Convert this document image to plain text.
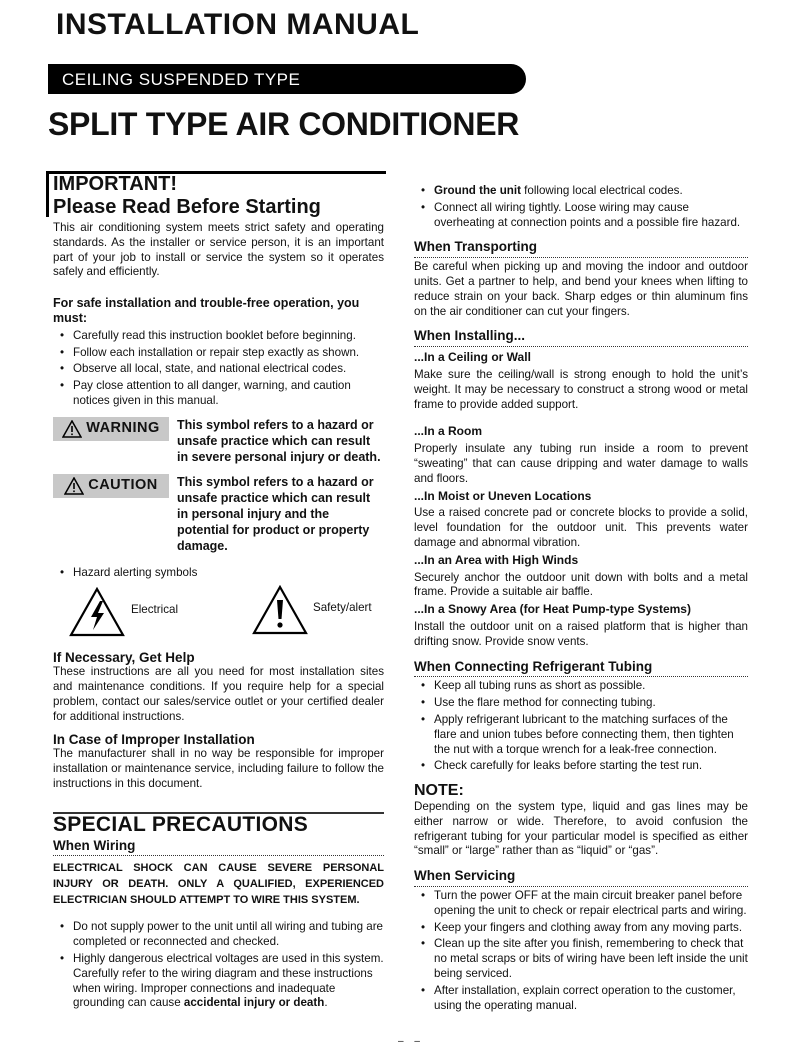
INSTALLATION MANUAL
CEILING SUSPENDED TYPE
SPLIT TYPE AIR CONDITIONER

IMPORTANT!

Please Read Before Starting

This air conditioning system meets strict safety and operating standards. As the installer or service person, it is an important part of your job to install or service the system so it operates safely and efficiently.

For safe installation and trouble-free operation, you must:

• Carefully read this instruction booklet before beginning.
• Follow each installation or repair step exactly as shown.
• Observe all local, state, and national electrical codes.
• Pay close attention to all danger, warning, and caution notices given in this manual.
WARNING This symbol refers to a hazard or unsafe practice which can result in severe personal injury or death.
CAUTION This symbol refers to a hazard or unsafe practice which can result in personal injury and the potential for product or property damage.
• Hazard alerting symbols
Electrical	Safety/alert

If Necessary, Get Help

These instructions are all you need for most installation sites and maintenance conditions. If you require help for a special problem, contact our sales/service outlet or your certified dealer for additional instructions.

In Case of Improper Installation

The manufacturer shall in no way be responsible for improper installation or maintenance service, including failure to follow the instructions in this document.

SPECIAL PRECAUTIONS

When Wiring

ELECTRICAL SHOCK CAN CAUSE SEVERE PERSONAL INJURY OR DEATH. ONLY A QUALIFIED, EXPERIENCED ELECTRICIAN SHOULD ATTEMPT TO WIRE THIS SYSTEM.

• Do not supply power to the unit until all wiring and tubing are completed or reconnected and checked.
• Highly dangerous electrical voltages are used in this system. Carefully refer to the wiring diagram and these instructions when wiring. Improper connections and inadequate grounding can cause accidental injury or death.
• Ground the unit following local electrical codes.
• Connect all wiring tightly. Loose wiring may cause overheating at connection points and a possible fire hazard.

When Transporting

Be careful when picking up and moving the indoor and outdoor units. Get a partner to help, and bend your knees when lifting to reduce strain on your back. Sharp edges or thin aluminum fins on the air conditioner can cut your fingers.

When Installing...

...In a Ceiling or Wall

Make sure the ceiling/wall is strong enough to hold the unit’s weight. It may be necessary to construct a strong wood or metal frame to provide added support.

...In a Room

Properly insulate any tubing run inside a room to prevent “sweating” that can cause dripping and water damage to walls and floors.

...In Moist or Uneven Locations

Use a raised concrete pad or concrete blocks to provide a solid, level foundation for the outdoor unit. This prevents water damage and abnormal vibration.

...In an Area with High Winds

Securely anchor the outdoor unit down with bolts and a metal frame. Provide a suitable air baffle.

...In a Snowy Area (for Heat Pump-type Systems)

Install the outdoor unit on a raised platform that is higher than drifting snow. Provide snow vents.

When Connecting Refrigerant Tubing

• Keep all tubing runs as short as possible.
• Use the flare method for connecting tubing.
• Apply refrigerant lubricant to the matching surfaces of the flare and union tubes before connecting them, then tighten the nut with a torque wrench for a leak-free connection.
• Check carefully for leaks before starting the test run.

NOTE:

Depending on the system type, liquid and gas lines may be either narrow or wide. Therefore, to avoid confusion the refrigerant tubing for your particular model is specified as either “small” or “large” rather than as “liquid” or “gas”.

When Servicing

• Turn the power OFF at the main circuit breaker panel before opening the unit to check or repair electrical parts and wiring.
• Keep your fingers and clothing away from any moving parts.
• Clean up the site after you finish, remembering to check that no metal scraps or bits of wiring have been left inside the unit being serviced.
• After installation, explain correct operation to the customer, using the operating manual.
– –
